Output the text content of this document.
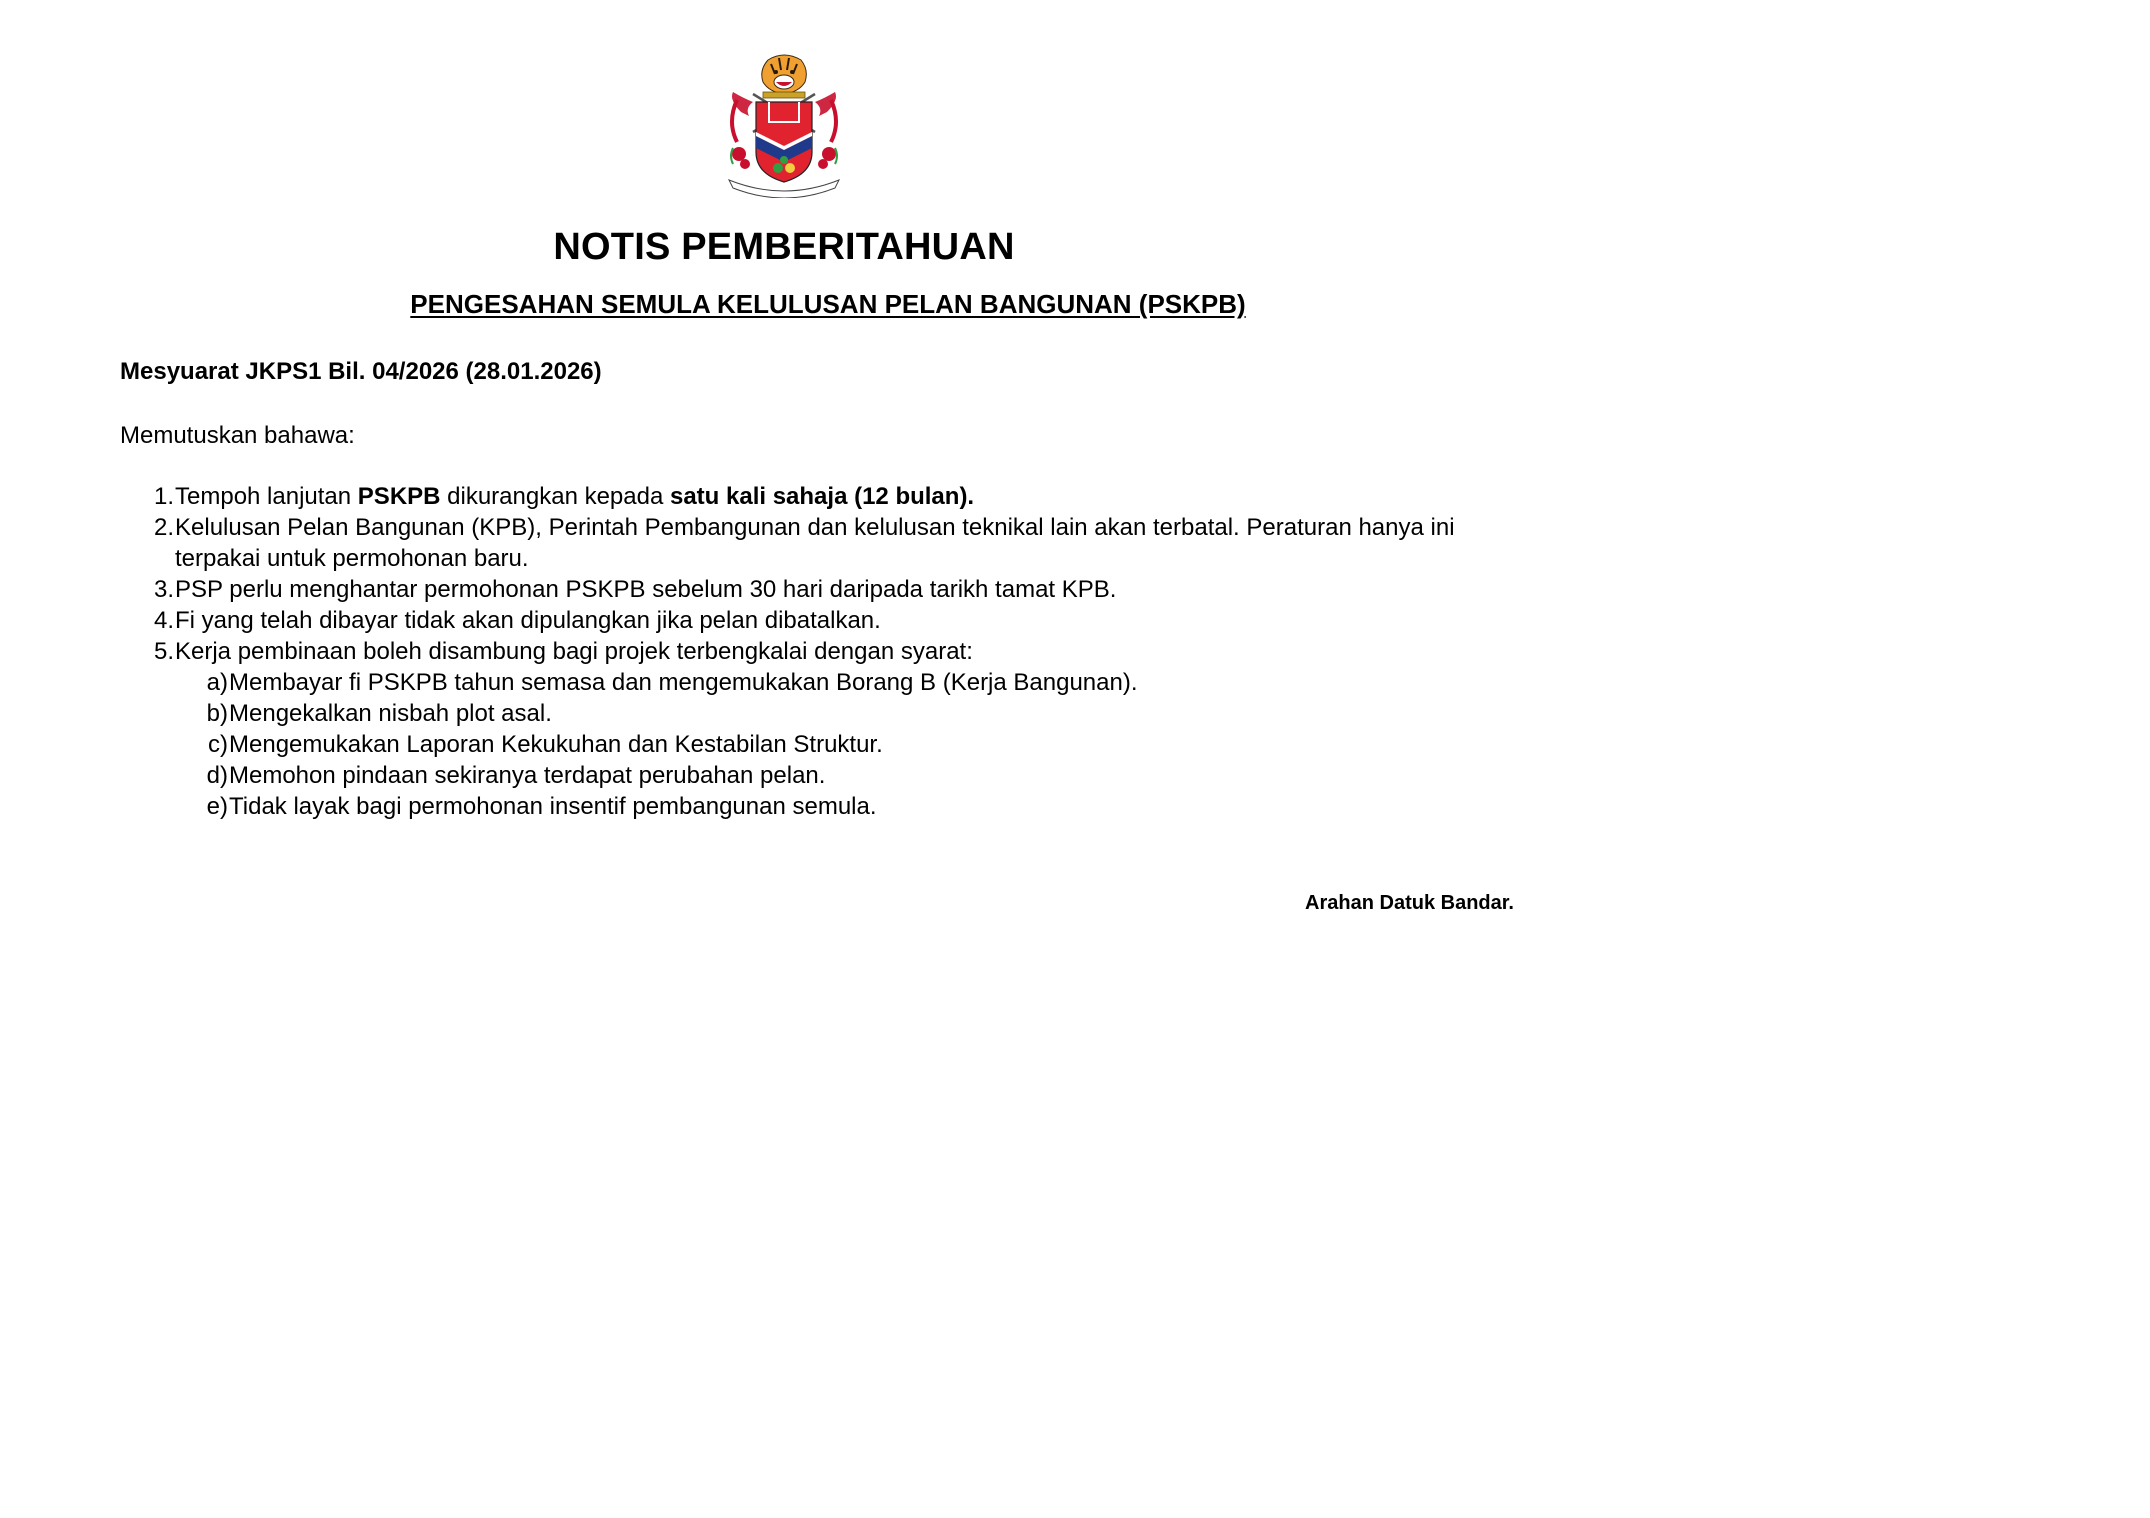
NOTIS PEMBERITAHUAN
PENGESAHAN SEMULA KELULUSAN PELAN BANGUNAN (PSKPB)
Mesyuarat JKPS1 Bil. 04/2026 (28.01.2026)
Memutuskan bahawa:
1. Tempoh lanjutan PSKPB dikurangkan kepada satu kali sahaja (12 bulan).
2. Kelulusan Pelan Bangunan (KPB), Perintah Pembangunan dan kelulusan teknikal lain akan terbatal. Peraturan hanya ini terpakai untuk permohonan baru.
3. PSP perlu menghantar permohonan PSKPB sebelum 30 hari daripada tarikh tamat KPB.
4. Fi yang telah dibayar tidak akan dipulangkan jika pelan dibatalkan.
5. Kerja pembinaan boleh disambung bagi projek terbengkalai dengan syarat:
a) Membayar fi PSKPB tahun semasa dan mengemukakan Borang B (Kerja Bangunan).
b) Mengekalkan nisbah plot asal.
c) Mengemukakan Laporan Kekukuhan dan Kestabilan Struktur.
d) Memohon pindaan sekiranya terdapat perubahan pelan.
e) Tidak layak bagi permohonan insentif pembangunan semula.
Arahan Datuk Bandar.
